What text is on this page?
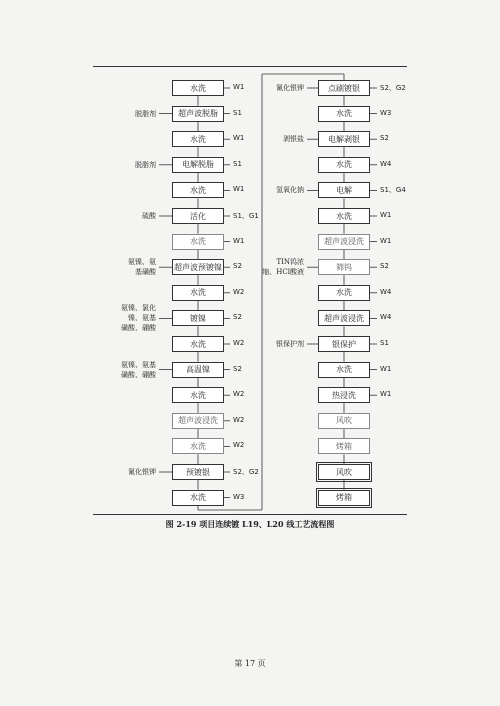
水洗	W1
超声波脱脂	S1
脱脂剂
水洗	W1
电解脱脂	S1
脱脂剂
水洗	W1
活化	S1、G1
硫酸
水洗	W1
超声波预镀镍 S2
氨镍、氨
基磺酸
水洗	W2
镀镍	S2
氨镍、氯化
镍、氨基
磺酸、硼酸
水洗	W2
高温镍	S2
氨镍、氨基
磺酸、硼酸
水洗	W2
超声波浸洗	W2
水洗	W2
预镀银	S2、G2
氰化银钾
水洗	W3
点刷镀银	S2、G2
氰化银钾
水洗	W3
电解剥银	S2
剥银盐
水洗	W4
电解	S1、G4
氢氧化钠
水洗	W1
超声波浸洗	W1
筛钨	S2
TIN钨浓
缩、HCl酸液
水洗	W4
超声波浸洗	W4
银保护	S1
银保护剂
水洗	W1
热浸洗	W1
风吹
烤箱
风吹
烤箱
图 2-19 项目连续镀 L19、L20 线工艺流程图
第 17 页
